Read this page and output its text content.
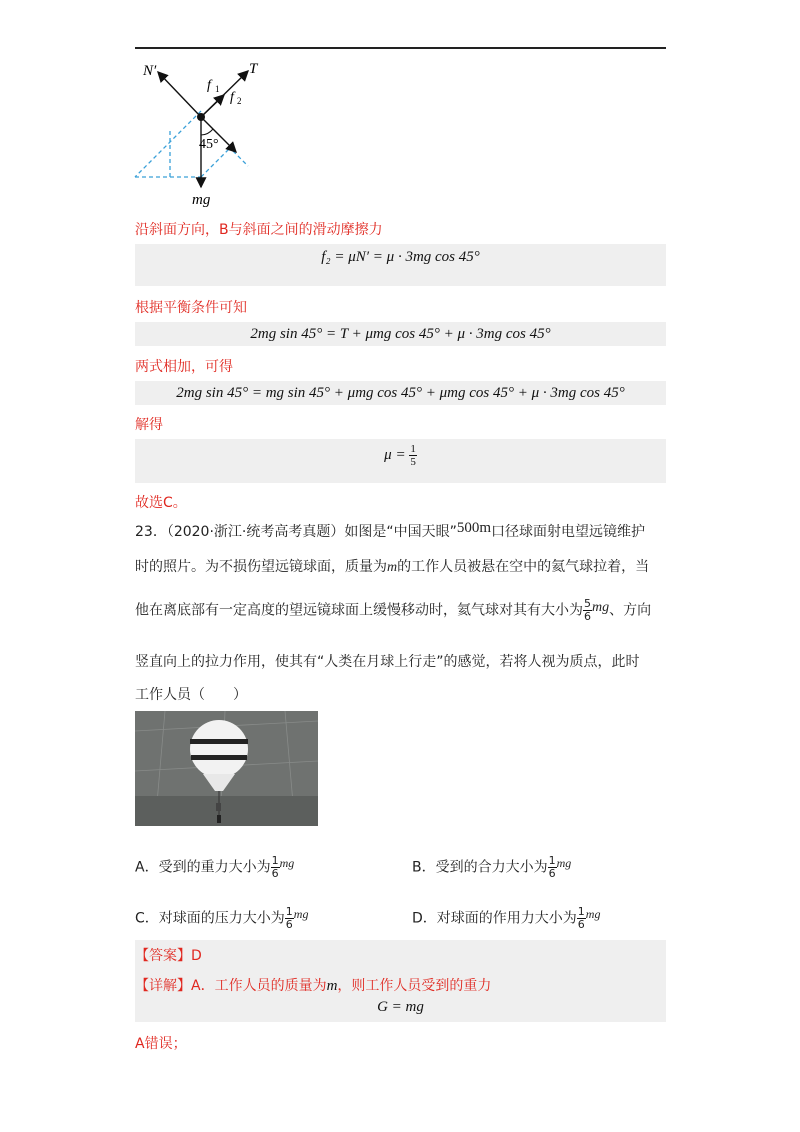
N′
f 1
f 2
T
45°
mg
沿斜面方向，B与斜面之间的滑动摩擦力
f₂ = μN′ = μ · 3mg cos 45°
根据平衡条件可知
2mg sin 45° = T + μmg cos 45° + μ · 3mg cos 45°
两式相加，可得
2mg sin 45° = mg sin 45° + μmg cos 45° + μmg cos 45° + μ · 3mg cos 45°
解得
$\mu = \frac{1}{5}$
故选C。
23．（2020·浙江·统考高考真题）如图是“中国天眼”500m口径球面射电望远镜维护
时的照片。为不损伤望远镜球面，质量为m的工作人员被悬在空中的氦气球拉着，当
他在离底部有一定高度的望远镜球面上缓慢移动时，氦气球对其有大小为 $\frac{5}{6}$ mg、方向
竖直向上的拉力作用，使其有“人类在月球上行走”的感觉，若将人视为质点，此时
工作人员（　　）
A．受到的重力大小为 $\frac{1}{6}$ mg	B．受到的合力大小为 $\frac{1}{6}$ mg
C．对球面的压力大小为 $\frac{1}{6}$ mg	D．对球面的作用力大小为 $\frac{1}{6}$ mg
【答案】D
【详解】A．工作人员的质量为m，则工作人员受到的重力
G = mg
A错误；
